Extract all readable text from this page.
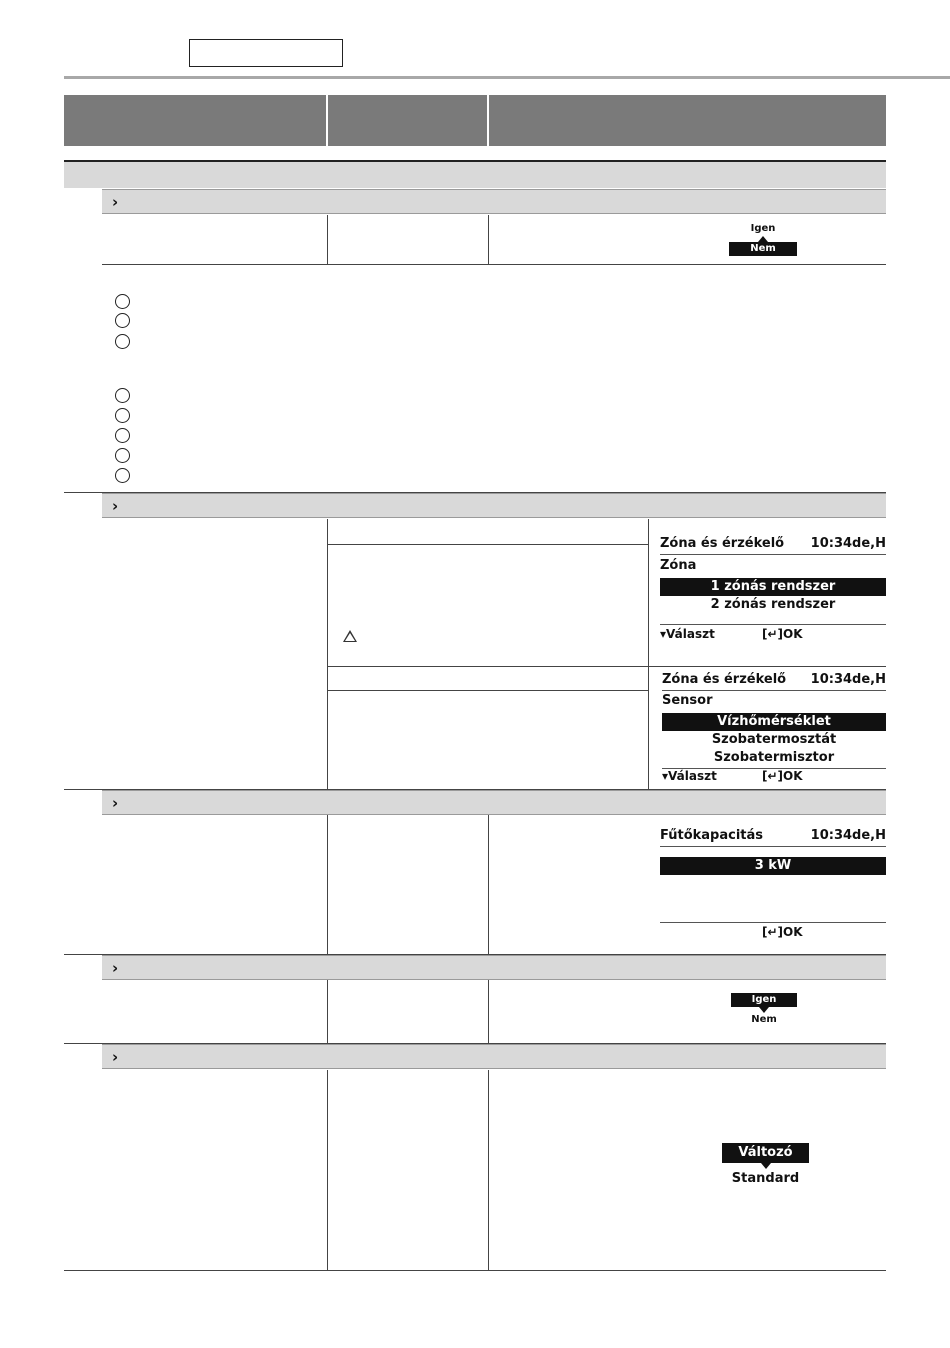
›
Igen
Nem
›
Zóna és érzékelő 10:34de,H
Zóna
1 zónás rendszer
2 zónás rendszer
▾Választ	[↵]OK
Zóna és érzékelő 10:34de,H
Sensor
Vízhőmérséklet
Szobatermosztát
Szobatermisztor
▾Választ	[↵]OK
›
Fűtőkapacitás	10:34de,H
3 kW
[↵]OK
›
Igen
Nem
›
Változó
Standard
